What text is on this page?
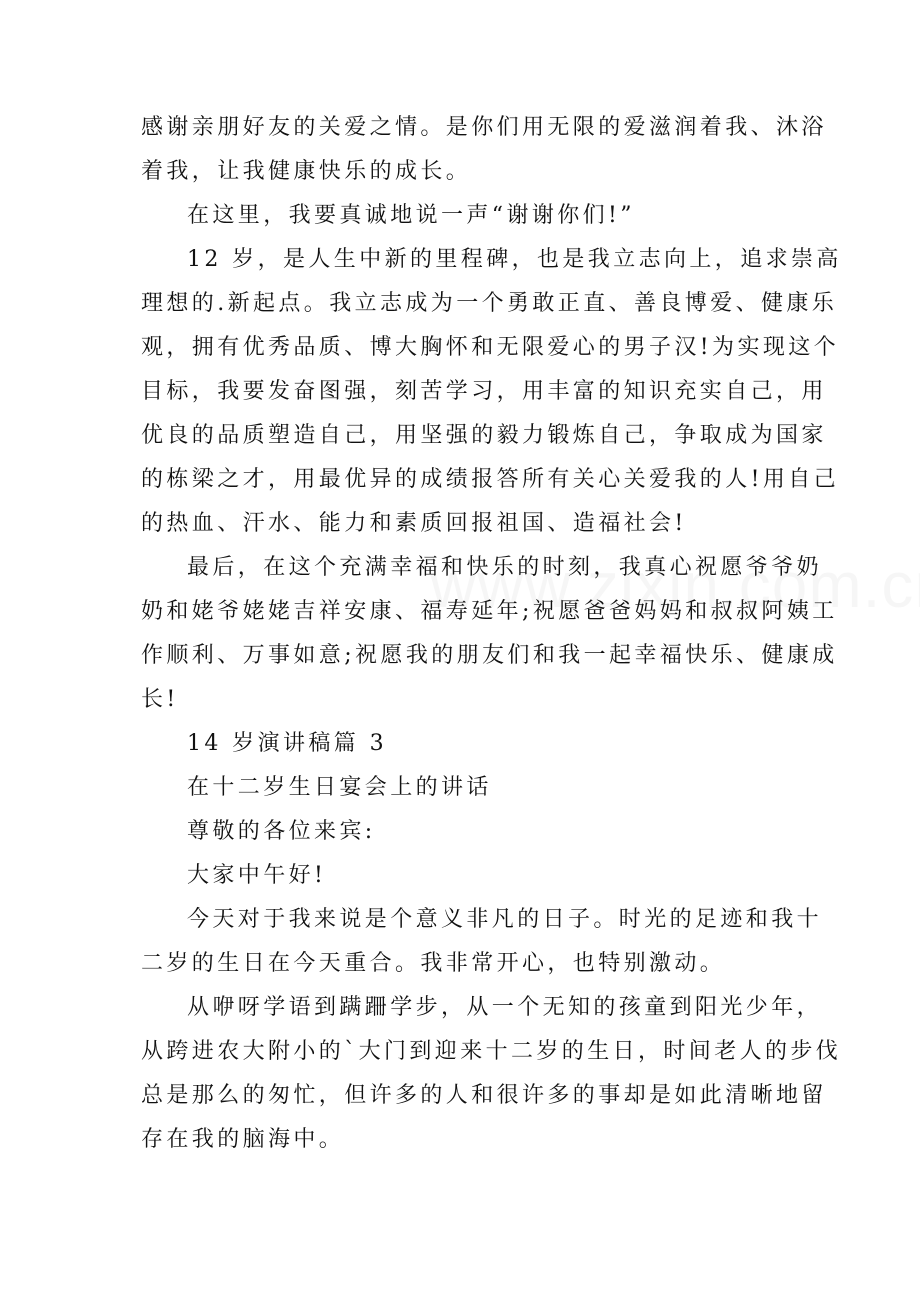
感谢亲朋好友的关爱之情。是你们用无限的爱滋润着我、沐浴

着我，让我健康快乐的成长。

在这里，我要真诚地说一声“谢谢你们!”

12 岁，是人生中新的里程碑，也是我立志向上，追求崇高

理想的.新起点。我立志成为一个勇敢正直、善良博爱、健康乐

观，拥有优秀品质、博大胸怀和无限爱心的男子汉!为实现这个

目标，我要发奋图强，刻苦学习，用丰富的知识充实自己，用

优良的品质塑造自己，用坚强的毅力锻炼自己，争取成为国家

的栋梁之才，用最优异的成绩报答所有关心关爱我的人!用自己

的热血、汗水、能力和素质回报祖国、造福社会!

最后，在这个充满幸福和快乐的时刻，我真心祝愿爷爷奶

奶和姥爷姥姥吉祥安康、福寿延年;祝愿爸爸妈妈和叔叔阿姨工

作顺利、万事如意;祝愿我的朋友们和我一起幸福快乐、健康成

长!

14 岁演讲稿篇 3

在十二岁生日宴会上的讲话

尊敬的各位来宾:

大家中午好!

今天对于我来说是个意义非凡的日子。时光的足迹和我十

二岁的生日在今天重合。我非常开心，也特别激动。

从咿呀学语到蹒跚学步，从一个无知的孩童到阳光少年，

从跨进农大附小的`大门到迎来十二岁的生日，时间老人的步伐

总是那么的匆忙，但许多的人和很许多的事却是如此清晰地留

存在我的脑海中。
